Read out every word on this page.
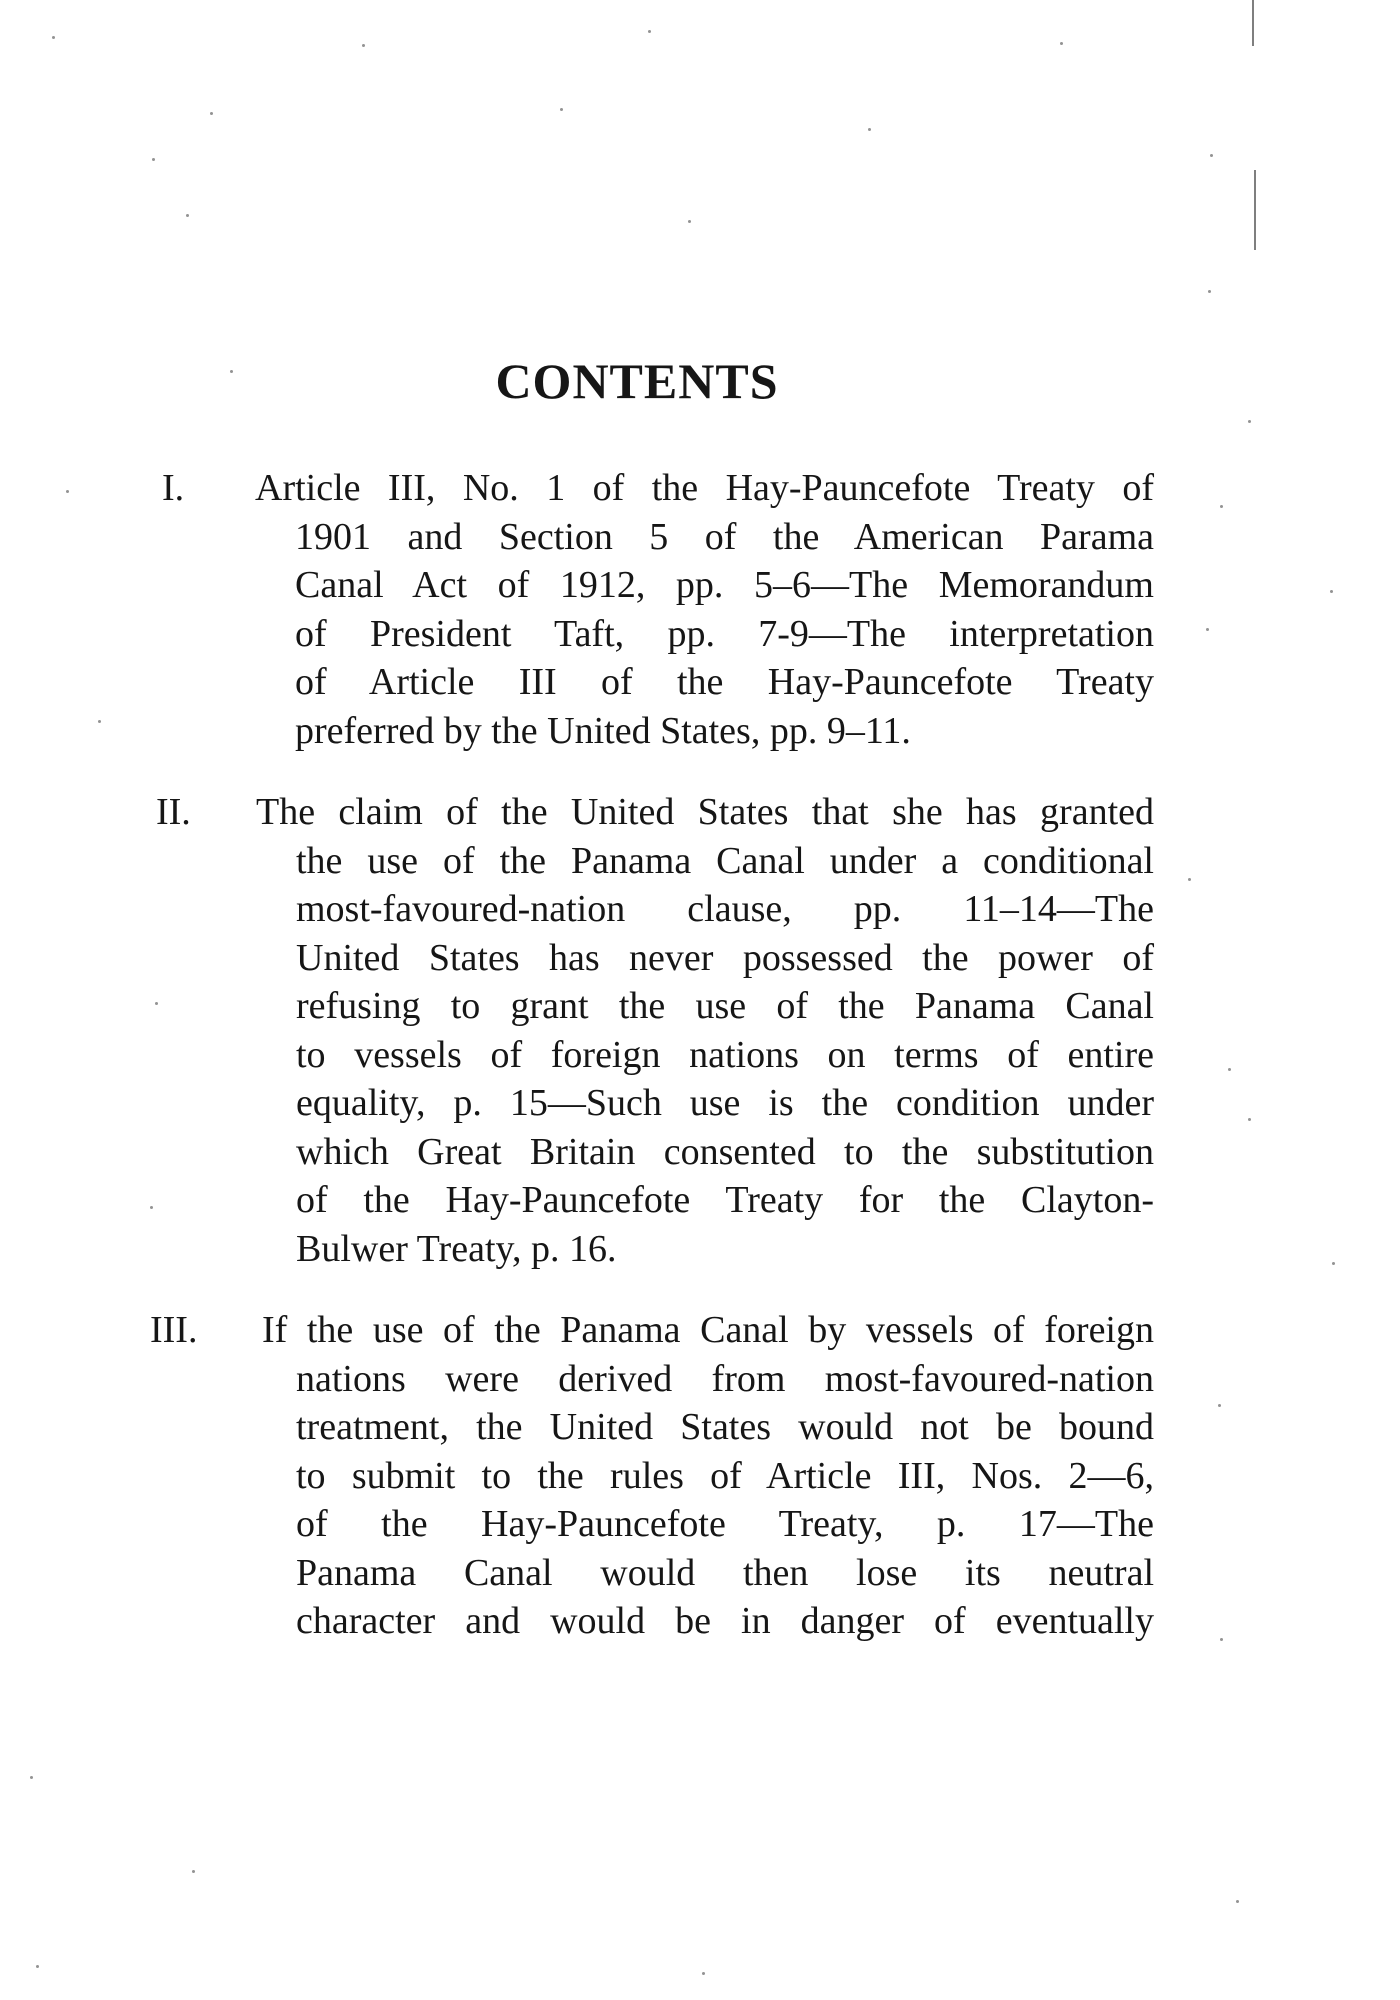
CONTENTS
I. Article III, No. 1 of the Hay-Pauncefote Treaty of
1901 and Section 5 of the American Parama
Canal Act of 1912, pp. 5–6—The Memorandum
of President Taft, pp. 7-9—The interpretation
of Article III of the Hay-Pauncefote Treaty
preferred by the United States, pp. 9–11.
II. The claim of the United States that she has granted
the use of the Panama Canal under a conditional
most-favoured-nation clause, pp. 11–14—The
United States has never possessed the power of
refusing to grant the use of the Panama Canal
to vessels of foreign nations on terms of entire
equality, p. 15—Such use is the condition under
which Great Britain consented to the substitution
of the Hay-Pauncefote Treaty for the Clayton-
Bulwer Treaty, p. 16.
III. If the use of the Panama Canal by vessels of foreign
nations were derived from most-favoured-nation
treatment, the United States would not be bound
to submit to the rules of Article III, Nos. 2—6,
of the Hay-Pauncefote Treaty, p. 17—The
Panama Canal would then lose its neutral
character and would be in danger of eventually
